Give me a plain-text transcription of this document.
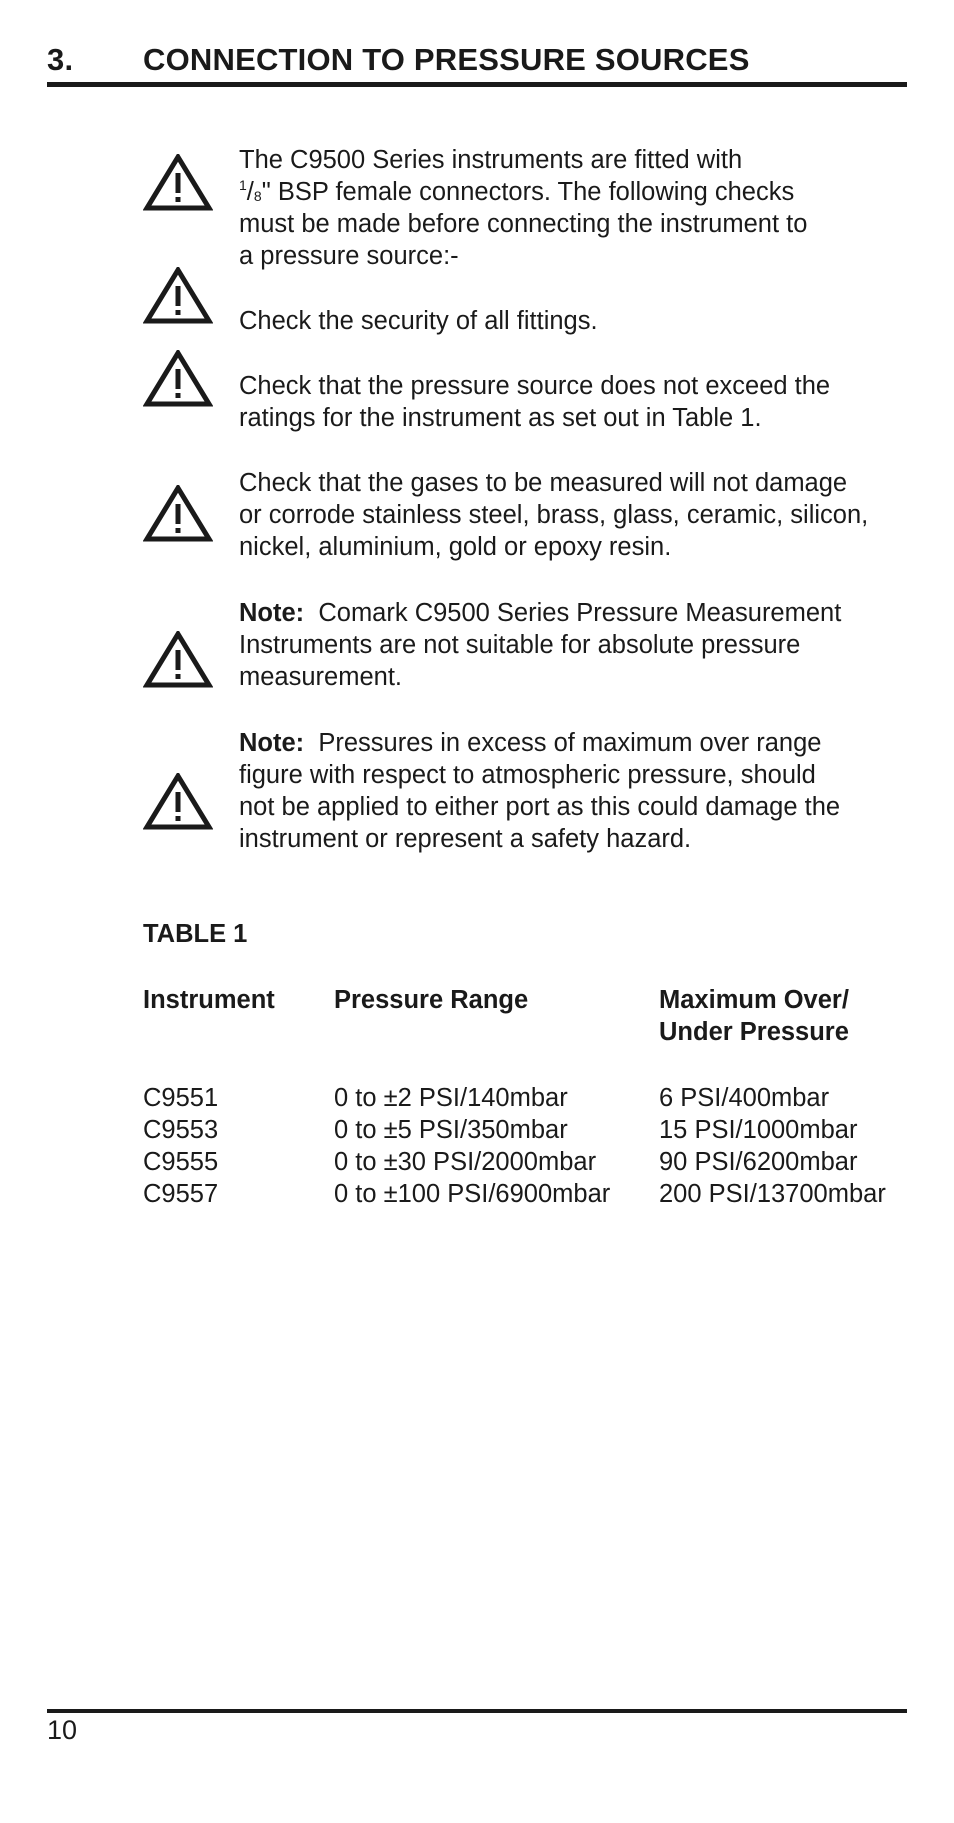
3. CONNECTION TO PRESSURE SOURCES
The C9500 Series instruments are fitted with
$^1$/8" BSP female connectors. The following checks
must be made before connecting the instrument to
a pressure source:-
Check the security of all fittings.
Check that the pressure source does not exceed the
ratings for the instrument as set out in Table 1.
Check that the gases to be measured will not damage
or corrode stainless steel, brass, glass, ceramic, silicon,
nickel, aluminium, gold or epoxy resin.
Note: Comark C9500 Series Pressure Measurement
Instruments are not suitable for absolute pressure
measurement.
Note: Pressures in excess of maximum over range
figure with respect to atmospheric pressure, should
not be applied to either port as this could damage the
instrument or represent a safety hazard.
TABLE 1
Instrument Pressure Range	Maximum Over/
Under Pressure
C9551	0 to ±2 PSI/140mbar	6 PSI/400mbar
C9553	0 to ±5 PSI/350mbar	15 PSI/1000mbar
C9555	0 to ±30 PSI/2000mbar 90 PSI/6200mbar
C9557	0 to ±100 PSI/6900mbar 200 PSI/13700mbar
10
